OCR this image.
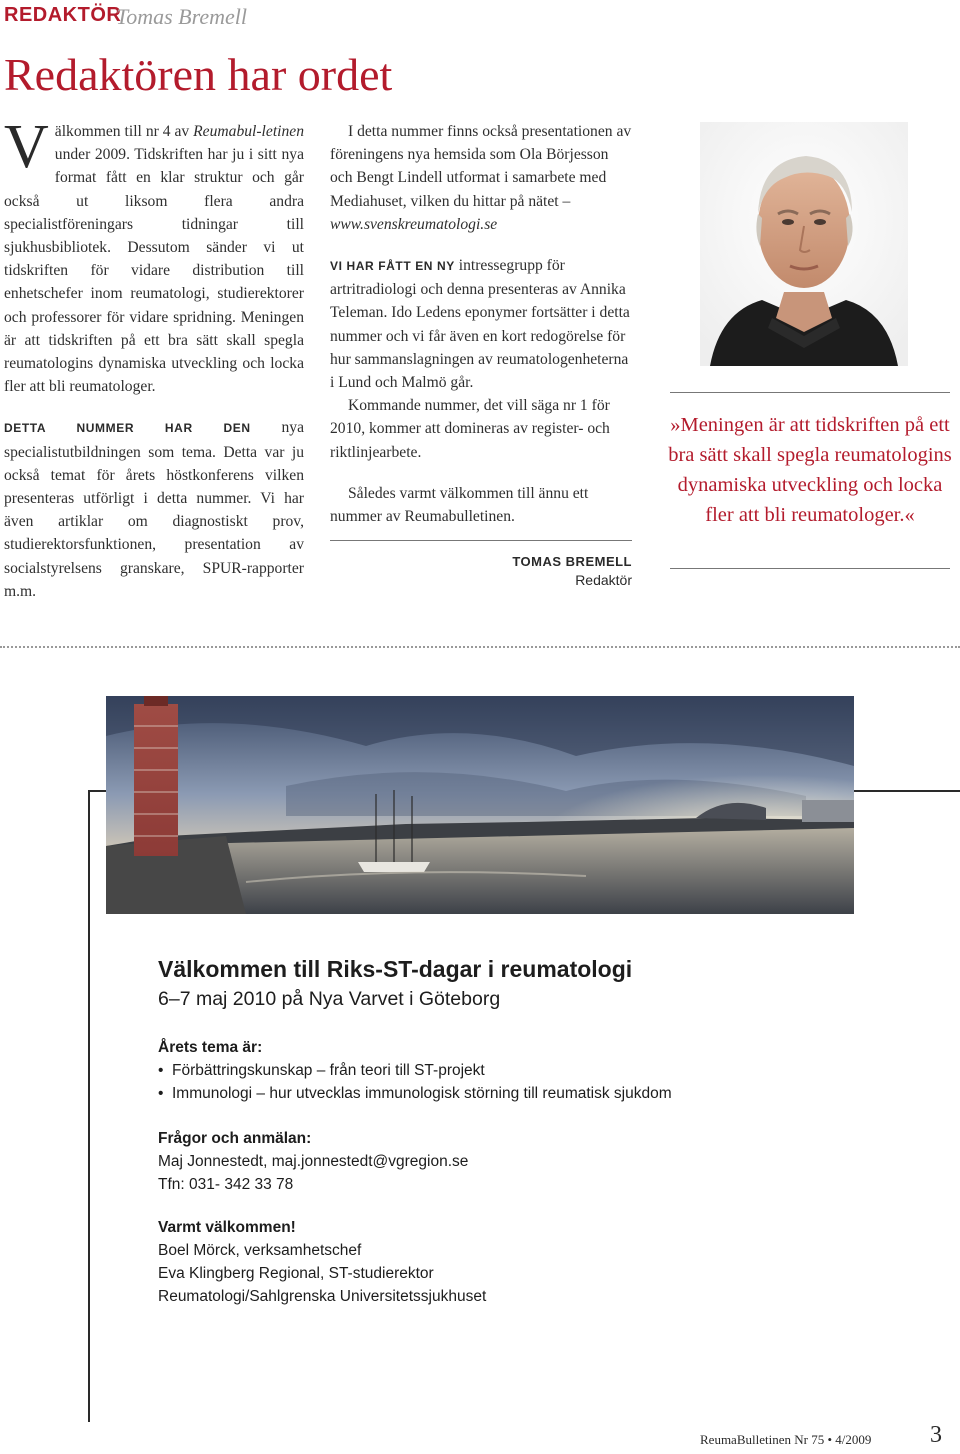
REDAKTÖR
Tomas Bremell
Redaktören har ordet

Välkommen till nr 4 av Reumabul-letinen under 2009. Tidskriften har ju i sitt nya format fått en klar struktur och går också ut liksom flera andra specialistföreningars tidningar till sjukhusbibliotek. Dessutom sänder vi ut tidskriften för vidare distribution till enhetschefer inom reumatologi, studierektorer och professorer för vidare spridning. Meningen är att tidskriften på ett bra sätt skall spegla reumatologins dynamiska utveckling och locka fler att bli reumatologer.

DETTA NUMMER HAR DEN nya specialistutbildningen som tema. Detta var ju också temat för årets höstkonferens vilken presenteras utförligt i detta nummer. Vi har även artiklar om diagnostiskt prov, studierektorsfunktionen, presentation av socialstyrelsens granskare, SPUR-rapporter m.m.

I detta nummer finns också presentationen av föreningens nya hemsida som Ola Börjesson och Bengt Lindell utformat i samarbete med Mediahuset, vilken du hittar på nätet – www.svenskreumatologi.se

VI HAR FÅTT EN NY intressegrupp för artritradiologi och denna presenteras av Annika Teleman. Ido Ledens eponymer fortsätter i detta nummer och vi får även en kort redogörelse för hur sammanslagningen av reumatologenheterna i Lund och Malmö går.

Kommande nummer, det vill säga nr 1 för 2010, kommer att domineras av register- och riktlinjearbete.

Således varmt välkommen till ännu ett nummer av Reumabulletinen.

TOMAS BREMELL
Redaktör
»Meningen är att tidskriften på ett bra sätt skall spegla reumatologins dynamiska utveckling och locka fler att bli reumatologer.«
Välkommen till Riks-ST-dagar i reumatologi
6–7 maj 2010 på Nya Varvet i Göteborg
Årets tema är:
• Förbättringskunskap – från teori till ST-projekt
• Immunologi – hur utvecklas immunologisk störning till reumatisk sjukdom
Frågor och anmälan:
Maj Jonnestedt, maj.jonnestedt@vgregion.se
Tfn: 031- 342 33 78
Varmt välkommen!
Boel Mörck, verksamhetschef
Eva Klingberg Regional, ST-studierektor
Reumatologi/Sahlgrenska Universitetssjukhuset
ReumaBulletinen Nr 75 • 4/2009 3
